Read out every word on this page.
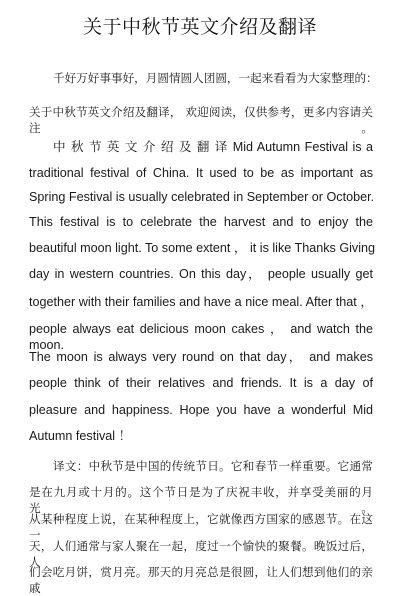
关于中秋节英文介绍及翻译
千好万好事事好，月圆情圆人团圆，一起来看看为大家整理的：
关于中秋节英文介绍及翻译， 欢迎阅读，仅供参考，更多内容请关注。
中 秋 节 英 文 介 绍 及 翻 译 Mid Autumn Festival is a
traditional festival of China. It used to be as important as
Spring Festival is usually celebrated in September or October.
This festival is to celebrate the harvest and to enjoy the
beautiful moon light. To some extent ， it is like Thanks Giving
day in western countries. On this day， people usually get
together with their families and have a nice meal. After that ，
people always eat delicious moon cakes ， and watch the moon.
The moon is always very round on that day， and makes
people think of their relatives and friends. It is a day of
pleasure and happiness. Hope you have a wonderful Mid
Autumn festival ！
译文：中秋节是中国的传统节日。它和春节一样重要。它通常
是在九月或十月的。这个节日是为了庆祝丰收，并享受美丽的月光。
从某种程度上说，在某种程度上，它就像西方国家的感恩节。在这一
天，人们通常与家人聚在一起，度过一个愉快的聚餐。晚饭过后，人
们会吃月饼，赏月亮。那天的月亮总是很圆，让人们想到他们的亲戚
